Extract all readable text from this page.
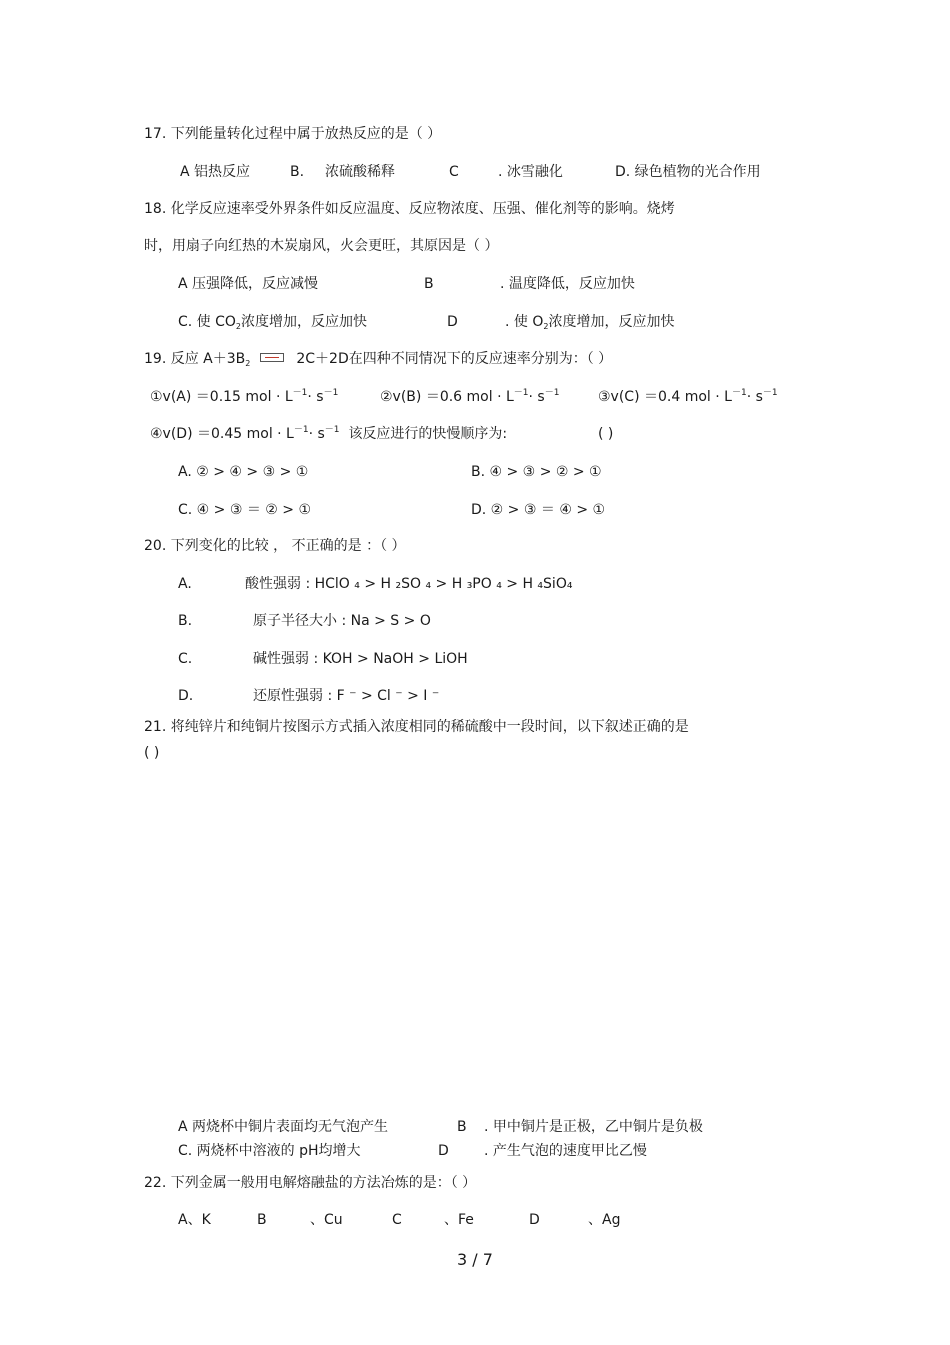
17. 下列能量转化过程中属于放热反应的是（ ）
A 铝热反应	B. 浓硫酸稀释	C	. 冰雪融化	D. 绿色植物的光合作用
18. 化学反应速率受外界条件如反应温度、反应物浓度、压强、催化剂等的影响。烧烤
时，用扇子向红热的木炭扇风，火会更旺，其原因是（ ）
A 压强降低，反应减慢	B	. 温度降低，反应加快
C. 使 $CO_2$浓度增加，反应加快	D	. 使 $O_2$浓度增加，反应加快
19. 反应 $A+3B_2$	2C＋2D在四种不同情况下的反应速率分别为：（ ）
①v(A) ＝0.15 mol · $L^{-1}\cdot s^{-1}$	②v(B) ＝0.6 mol · $L^{-1}\cdot s^{-1}$	③v(C) ＝0.4 mol · $L^{-1}\cdot s^{-1}$
④v(D) ＝0.45 mol · $L^{-1}\cdot s^{-1}$ 该反应进行的快慢顺序为:	( )
A. ② > ④ > ③ > ①	B. ④ > ③ > ② > ①
C. ④ > ③ ＝ ② > ①	D. ② > ③ ＝ ④ > ①
20. 下列变化的比较 ， 不正确的是 ：（ ）
A.	酸性强弱 : HClO ₄ > H ₂SO ₄ > H ₃PO ₄ > H ₄SiO₄
B.	原子半径大小 : Na > S > O
C.	碱性强弱 : KOH > NaOH > LiOH
D.	还原性强弱 : F ⁻ > Cl ⁻ > I ⁻
21. 将纯锌片和纯铜片按图示方式插入浓度相同的稀硫酸中一段时间，以下叙述正确的是
( )
A 两烧杯中铜片表面均无气泡产生	B . 甲中铜片是正极，乙中铜片是负极
C. 两烧杯中溶液的 pH均增大	D	. 产生气泡的速度甲比乙慢
22. 下列金属一般用电解熔融盐的方法冶炼的是：（ ）
A、K	B	、Cu	C	、Fe	D	、Ag
3 / 7
